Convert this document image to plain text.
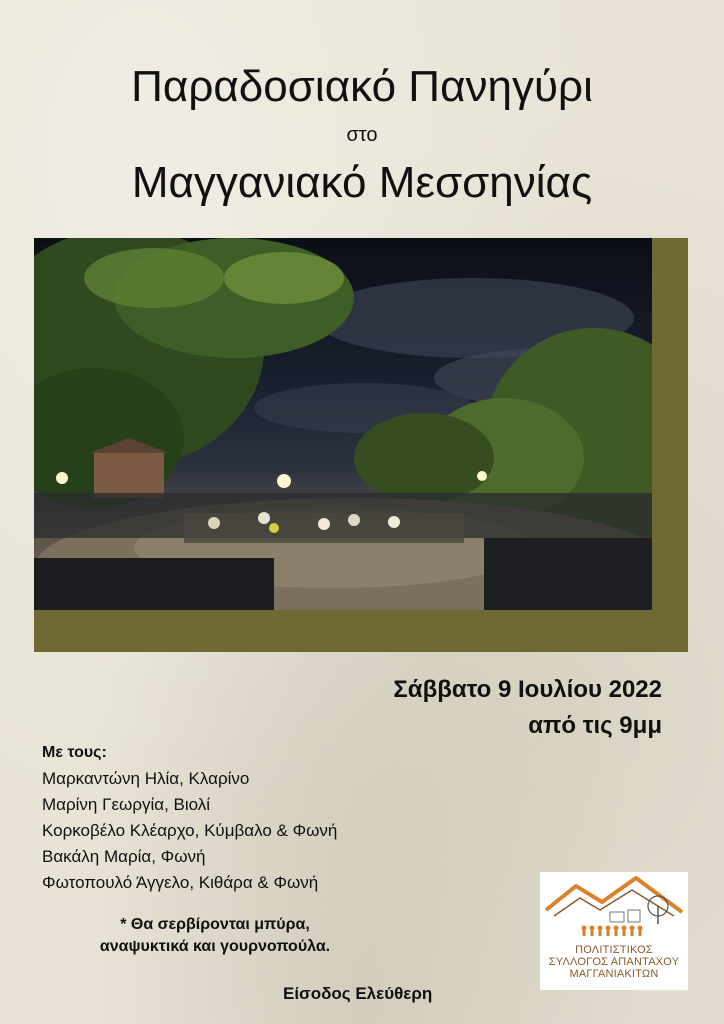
Παραδοσιακό Πανηγύρι
στο
Μαγγανιακό Μεσσηνίας
Σάββατο 9 Ιουλίου 2022
από τις 9μμ
Με τους:
Μαρκαντώνη Ηλία, Κλαρίνο
Μαρίνη Γεωργία, Βιολί
Κορκοβέλο Κλέαρχο, Κύμβαλο & Φωνή
Βακάλη Μαρία, Φωνή
Φωτοπουλό Άγγελο, Κιθάρα & Φωνή
* Θα σερβίρονται μπύρα,
αναψυκτικά και γουρνοπούλα.
Είσοδος Ελεύθερη
ΠΟΛΙΤΙΣΤΙΚΟΣ
ΣΥΛΛΟΓΟΣ ΑΠΑΝΤΑΧΟΥ
ΜΑΓΓΑΝΙΑΚΙΤΩΝ
